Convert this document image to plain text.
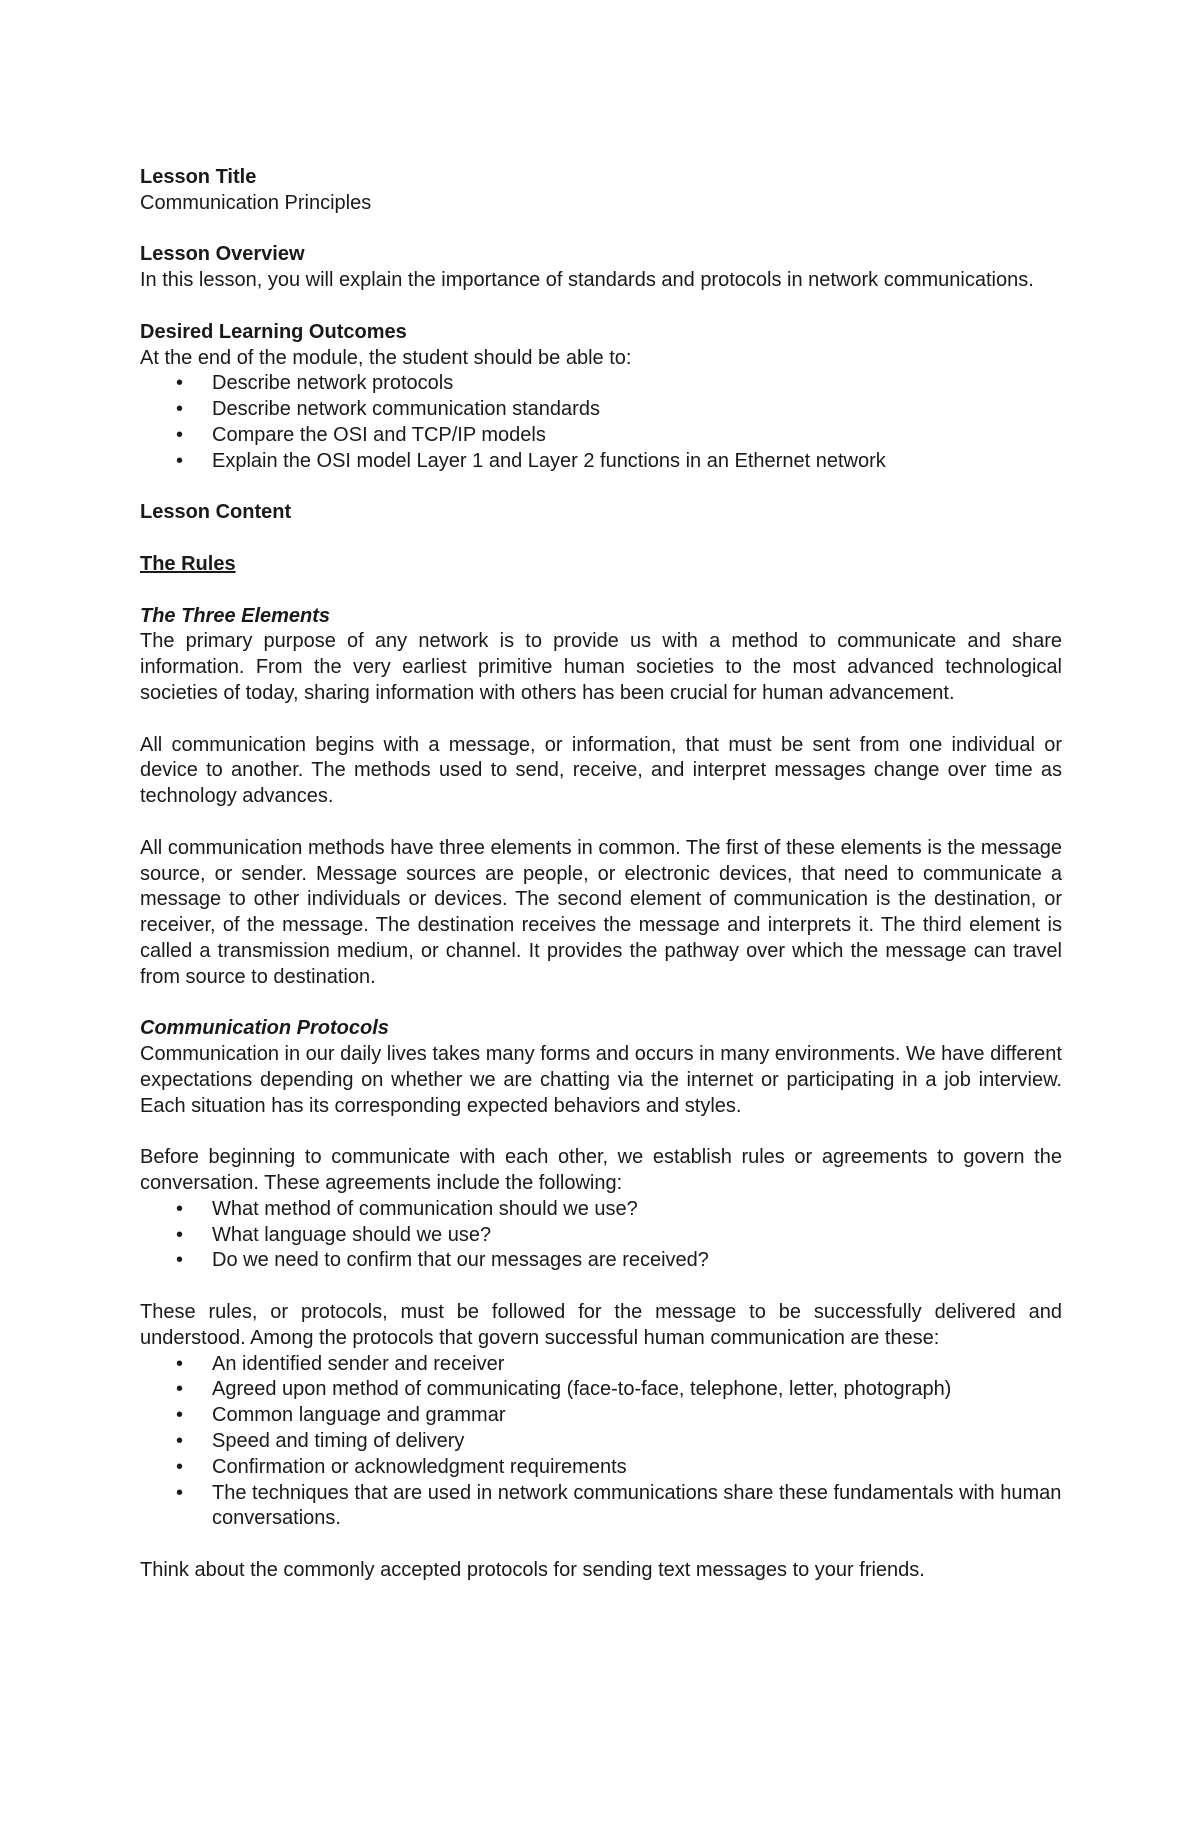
Lesson Title

Communication Principles

Lesson Overview

In this lesson, you will explain the importance of standards and protocols in network communications.

Desired Learning Outcomes

At the end of the module, the student should be able to:

• Describe network protocols
• Describe network communication standards
• Compare the OSI and TCP/IP models
• Explain the OSI model Layer 1 and Layer 2 functions in an Ethernet network

Lesson Content

The Rules

The Three Elements

The primary purpose of any network is to provide us with a method to communicate and share information. From the very earliest primitive human societies to the most advanced technological societies of today, sharing information with others has been crucial for human advancement.

All communication begins with a message, or information, that must be sent from one individual or device to another. The methods used to send, receive, and interpret messages change over time as technology advances.

All communication methods have three elements in common. The first of these elements is the message source, or sender. Message sources are people, or electronic devices, that need to communicate a message to other individuals or devices. The second element of communication is the destination, or receiver, of the message. The destination receives the message and interprets it. The third element is called a transmission medium, or channel. It provides the pathway over which the message can travel from source to destination.

Communication Protocols

Communication in our daily lives takes many forms and occurs in many environments. We have different expectations depending on whether we are chatting via the internet or participating in a job interview. Each situation has its corresponding expected behaviors and styles.

Before beginning to communicate with each other, we establish rules or agreements to govern the conversation. These agreements include the following:

• What method of communication should we use?
• What language should we use?
• Do we need to confirm that our messages are received?

These rules, or protocols, must be followed for the message to be successfully delivered and understood. Among the protocols that govern successful human communication are these:

• An identified sender and receiver
• Agreed upon method of communicating (face-to-face, telephone, letter, photograph)
• Common language and grammar
• Speed and timing of delivery
• Confirmation or acknowledgment requirements
• The techniques that are used in network communications share these fundamentals with human conversations.

Think about the commonly accepted protocols for sending text messages to your friends.
